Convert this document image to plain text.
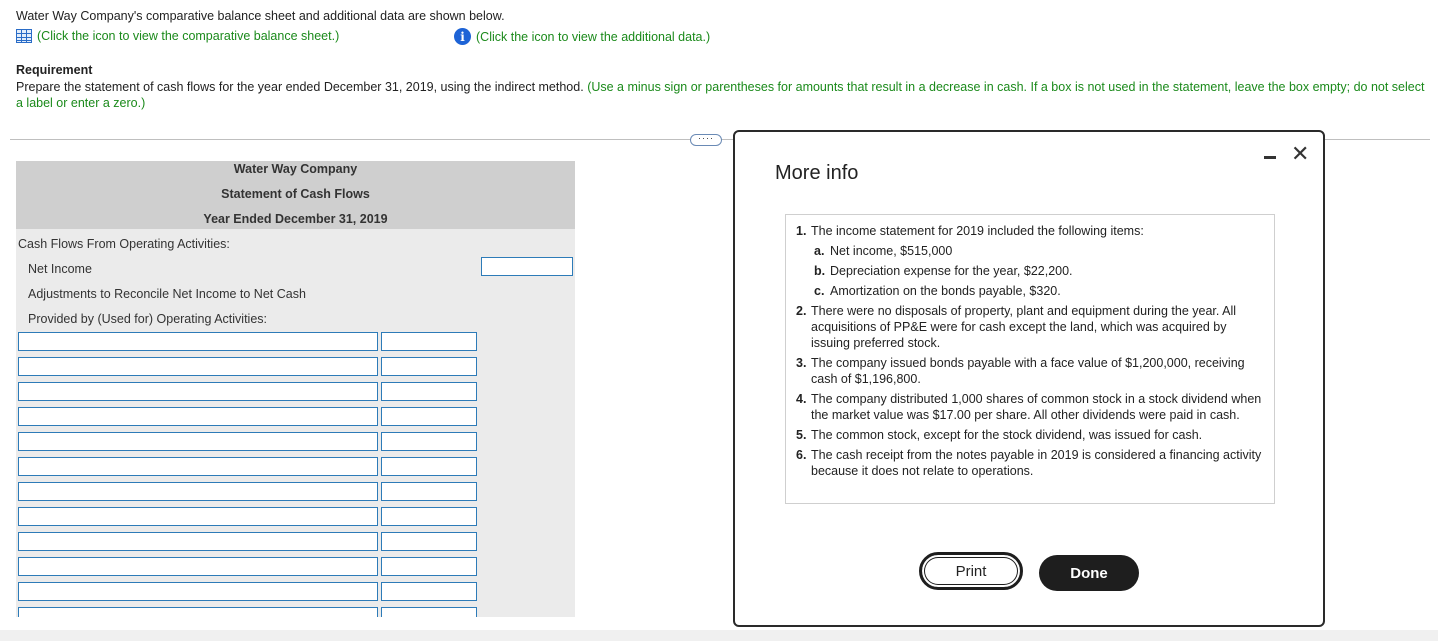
Water Way Company's comparative balance sheet and additional data are shown below.
(Click the icon to view the comparative balance sheet.)	i (Click the icon to view the additional data.)
Requirement
Prepare the statement of cash flows for the year ended December 31, 2019, using the indirect method. (Use a minus sign or parentheses for amounts that result in a decrease in cash. If a box is not used in the statement, leave the box empty; do not select a label or enter a zero.)
····
Water Way Company
Statement of Cash Flows
Year Ended December 31, 2019
Cash Flows From Operating Activities:
Net Income
Adjustments to Reconcile Net Income to Net Cash
Provided by (Used for) Operating Activities:
More info
✕
1. The income statement for 2019 included the following items:
a. Net income, $515,000
b. Depreciation expense for the year, $22,200.
c. Amortization on the bonds payable, $320.
2. There were no disposals of property, plant and equipment during the year. All acquisitions of PP&E were for cash except the land, which was acquired by issuing preferred stock.
3. The company issued bonds payable with a face value of $1,200,000, receiving cash of $1,196,800.
4. The company distributed 1,000 shares of common stock in a stock dividend when the market value was $17.00 per share. All other dividends were paid in cash.
5. The common stock, except for the stock dividend, was issued for cash.
6. The cash receipt from the notes payable in 2019 is considered a financing activity because it does not relate to operations.
Print	Done
